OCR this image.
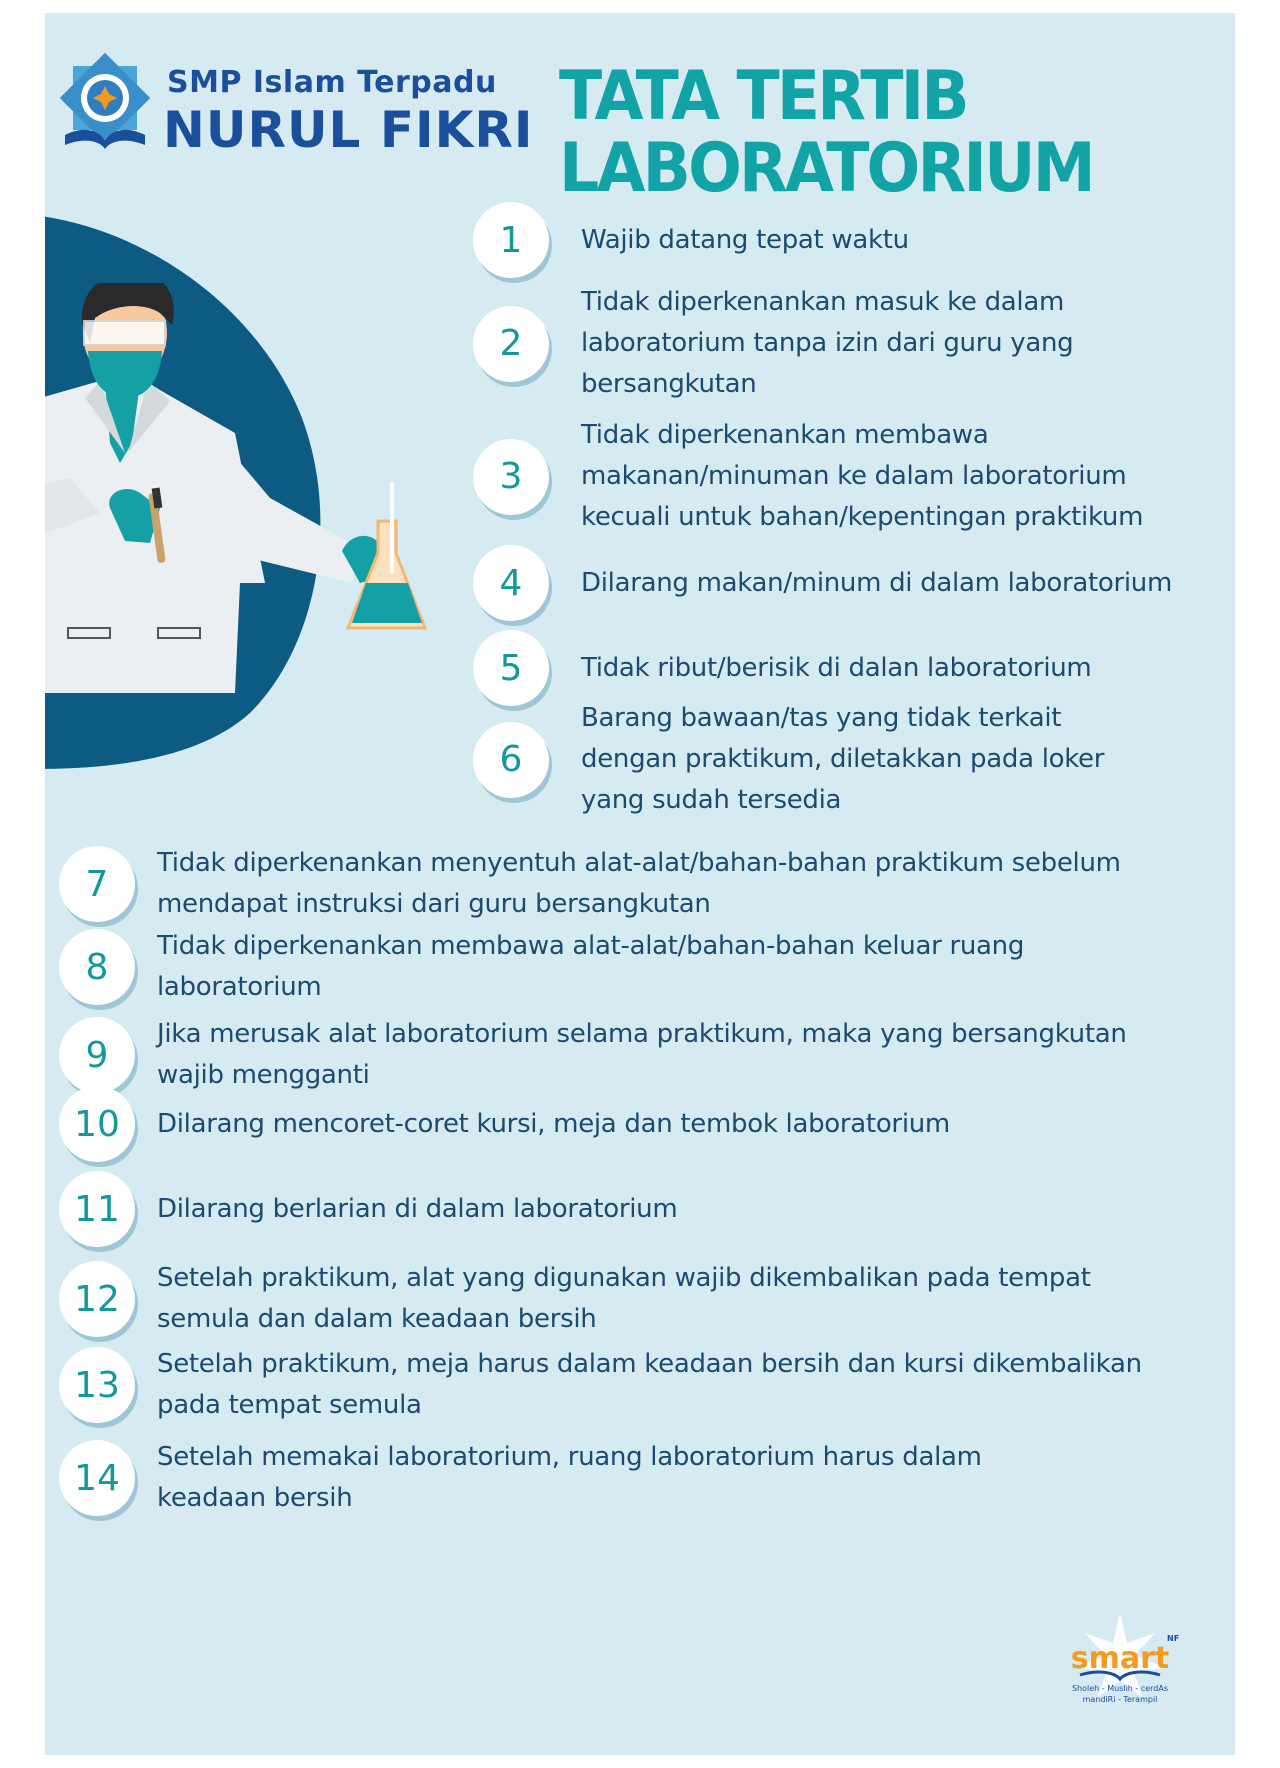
SMP Islam Terpadu
NURUL FIKRI TATA TERTIB
LABORATORIUM
1	Wajib datang tepat waktu
2
Tidak diperkenankan masuk ke dalam
laboratorium tanpa izin dari guru yang
bersangkutan
3
Tidak diperkenankan membawa
makanan/minuman ke dalam laboratorium
kecuali untuk bahan/kepentingan praktikum
4	Dilarang makan/minum di dalam laboratorium
5	Tidak ribut/berisik di dalan laboratorium
6
Barang bawaan/tas yang tidak terkait
dengan praktikum, diletakkan pada loker
yang sudah tersedia
7
Tidak diperkenankan menyentuh alat-alat/bahan-bahan praktikum sebelum
mendapat instruksi dari guru bersangkutan
8
Tidak diperkenankan membawa alat-alat/bahan-bahan keluar ruang
laboratorium
9
Jika merusak alat laboratorium selama praktikum, maka yang bersangkutan
wajib mengganti
10	Dilarang mencoret-coret kursi, meja dan tembok laboratorium
11	Dilarang berlarian di dalam laboratorium
12
Setelah praktikum, alat yang digunakan wajib dikembalikan pada tempat
semula dan dalam keadaan bersih
13
Setelah praktikum, meja harus dalam keadaan bersih dan kursi dikembalikan
pada tempat semula
14
Setelah memakai laboratorium, ruang laboratorium harus dalam
keadaan bersih
smart
NF
Sholeh - Muslih - cerdAs
mandiRi - Terampil
